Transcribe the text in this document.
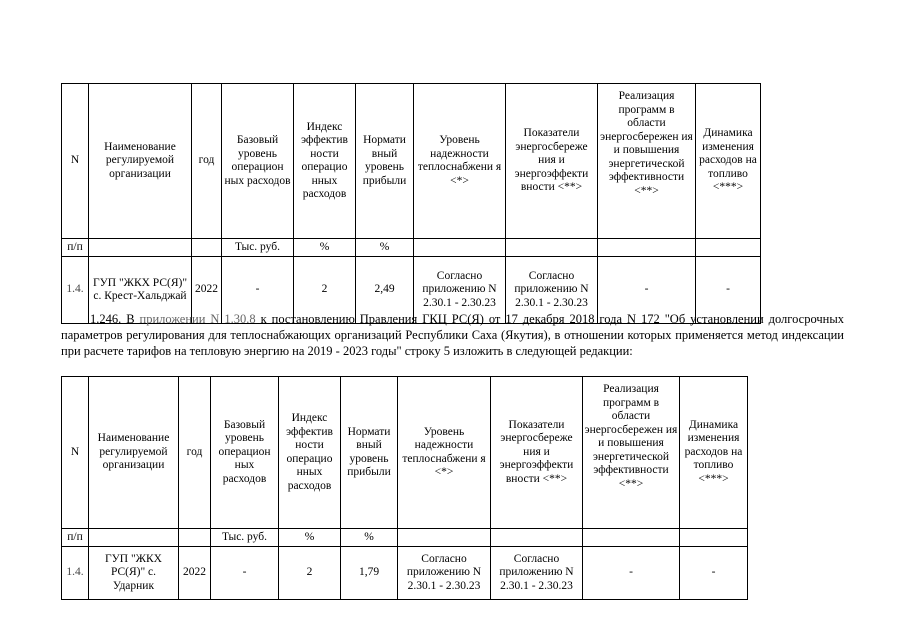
N	Наименование регулируемой организации	год	Базовый уровень операцион ных расходов	Индекс эффектив ности операцио нных расходов	Нормати вный уровень прибыли	Уровень надежности теплоснабжени я <*>	Показатели энергосбереже ния и энергоэффекти вности <**>	Реализация программ в области энергосбережен ия и повышения энергетической эффективности <**>	Динамика изменения расходов на топливо <***>
п/п			Тыс. руб.	%	%				
1.4.	ГУП "ЖКХ РС(Я)" с. Крест-Хальджай	2022	-	2	2,49	Согласно приложению N 2.30.1 - 2.30.23	Согласно приложению N 2.30.1 - 2.30.23	-	-
1.246. В приложении N 1.30.8 к постановлению Правления ГКЦ РС(Я) от 17 декабря 2018 года N 172 "Об установлении долгосрочных параметров регулирования для теплоснабжающих организаций Республики Саха (Якутия), в отношении которых применяется метод индексации при расчете тарифов на тепловую энергию на 2019 - 2023 годы" строку 5 изложить в следующей редакции:
N	Наименование регулируемой организации	год	Базовый уровень операцион ных расходов	Индекс эффектив ности операцио нных расходов	Нормати вный уровень прибыли	Уровень надежности теплоснабжени я <*>	Показатели энергосбереже ния и энергоэффекти вности <**>	Реализация программ в области энергосбережен ия и повышения энергетической эффективности <**>	Динамика изменения расходов на топливо <***>
п/п			Тыс. руб.	%	%				
1.4.	ГУП "ЖКХ РС(Я)" с. Ударник	2022	-	2	1,79	Согласно приложению N 2.30.1 - 2.30.23	Согласно приложению N 2.30.1 - 2.30.23	-	-
